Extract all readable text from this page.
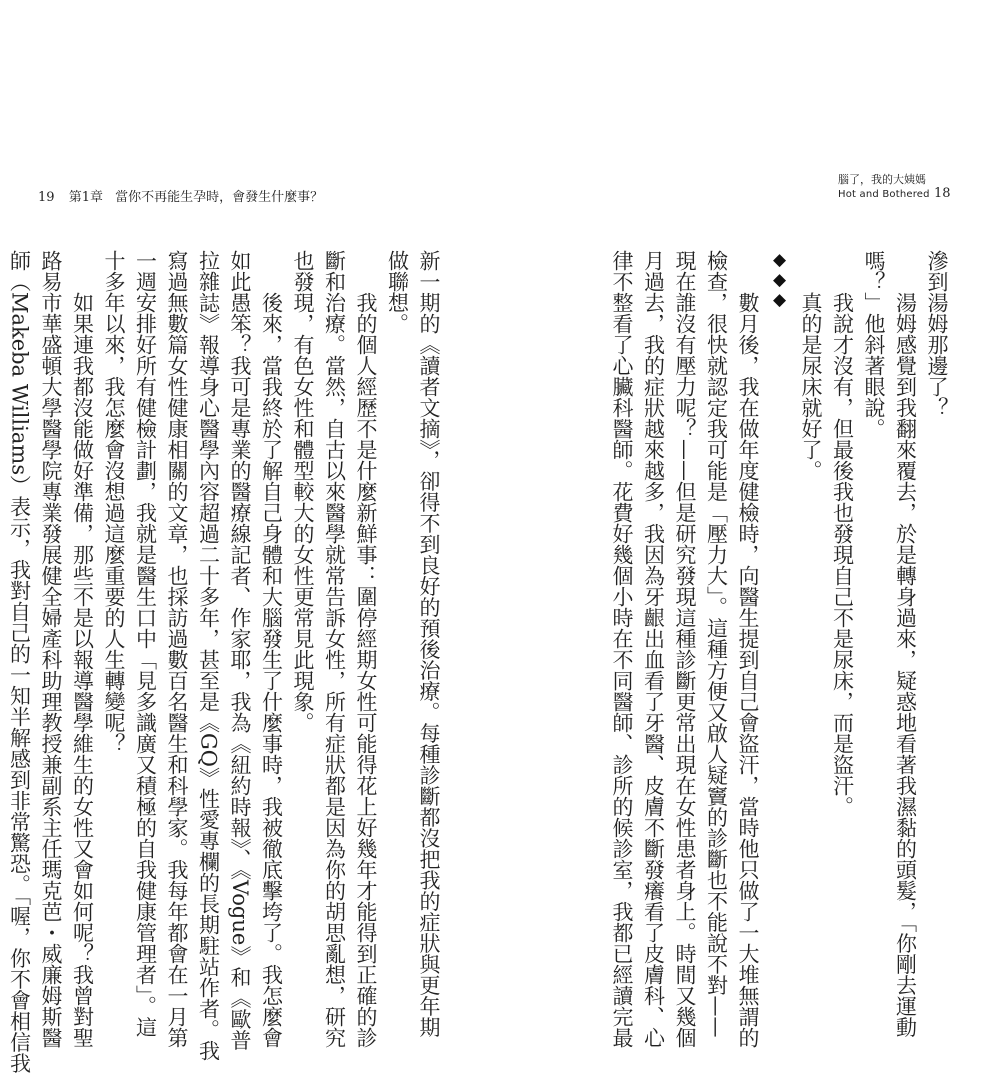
19 第1章 當你不再能生孕時，會發生什麼事？
腦了，我的大姨媽
Hot and Bothered 18
新一期的《讀者文摘》，卻得不到良好的預後治療。每種診斷都沒把我的症狀與更年期
做聯想。
　　我的個人經歷不是什麼新鮮事：圍停經期女性可能得花上好幾年才能得到正確的診
斷和治療。當然，自古以來醫學就常告訴女性，所有症狀都是因為你的胡思亂想，研究
也發現，有色女性和體型較大的女性更常見此現象。
　　後來，當我終於了解自己身體和大腦發生了什麼事時，我被徹底擊垮了。我怎麼會
如此愚笨？我可是專業的醫療線記者、作家耶，我為《紐約時報》、《Vogue》和《歐普
拉雜誌》報導身心醫學內容超過二十多年，甚至是《GQ》性愛專欄的長期駐站作者。我
寫過無數篇女性健康相關的文章，也採訪過數百名醫生和科學家。我每年都會在一月第
一週安排好所有健檢計劃，我就是醫生口中「見多識廣又積極的自我健康管理者」。這
十多年以來，我怎麼會沒想過這麼重要的人生轉變呢？
　　如果連我都沒能做好準備，那些不是以報導醫學維生的女性又會如何呢？我曾對聖
路易市華盛頓大學醫學院專業發展健全婦產科助理教授兼副系主任瑪克芭・威廉姆斯醫
師（Makeba Williams）表示，我對自己的一知半解感到非常驚恐。「喔，你不會相信我	滲到湯姆那邊了？
　　湯姆感覺到我翻來覆去，於是轉身過來，疑惑地看著我濕黏的頭髮，「你剛去運動
嗎？」他斜著眼說。
　　我說才沒有，但最後我也發現自己不是尿床，而是盜汗。
　　真的是尿床就好了。
◆◆◆
　　數月後，我在做年度健檢時，向醫生提到自己會盜汗，當時他只做了一大堆無謂的
檢查，很快就認定我可能是「壓力大」。這種方便又啟人疑竇的診斷也不能說不對——
現在誰沒有壓力呢？——但是研究發現這種診斷更常出現在女性患者身上。時間又幾個
月過去，我的症狀越來越多，我因為牙齦出血看了牙醫、皮膚不斷發癢看了皮膚科、心
律不整看了心臟科醫師。花費好幾個小時在不同醫師、診所的候診室，我都已經讀完最
